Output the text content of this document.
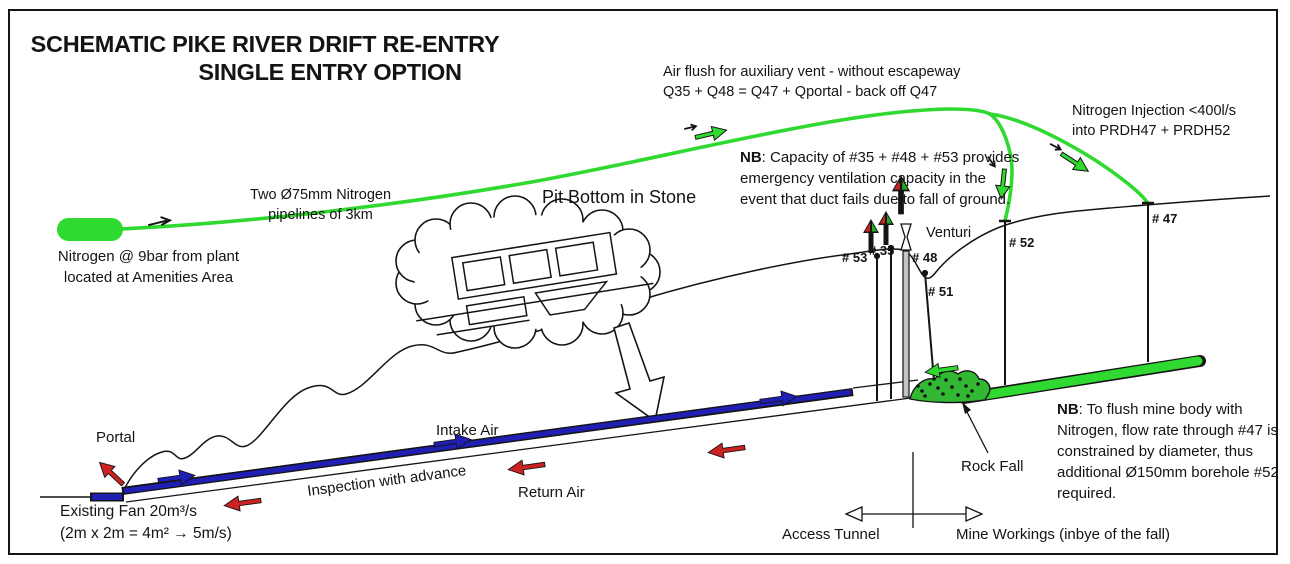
SCHEMATIC PIKE RIVER DRIFT RE-ENTRY
SINGLE ENTRY OPTION	Air flush for auxiliary vent - without escapeway
Q35 + Q48 = Q47 + Qportal - back off Q47
Nitrogen Injection <400l/s
into PRDH47 + PRDH52
Two Ø75mm Nitrogen
pipelines of 3km
Nitrogen @ 9bar from plant
located at Amenities Area
Pit Bottom in Stone
NB: Capacity of #35 + #48 + #53 provides emergency ventilation capacity in the event that duct fails due to fall of ground.
Venturi
# 53 # 35 # 48
# 51
# 52
# 47
Portal	Intake Air
Return Air
Inspection with advance
Existing Fan 20m³/s
(2m x 2m = 4m² → 5m/s)
Rock Fall
Access Tunnel	Mine Workings (inbye of the fall)
NB: To flush mine body with Nitrogen, flow rate through #47 is constrained by diameter, thus additional Ø150mm borehole #52 required.
